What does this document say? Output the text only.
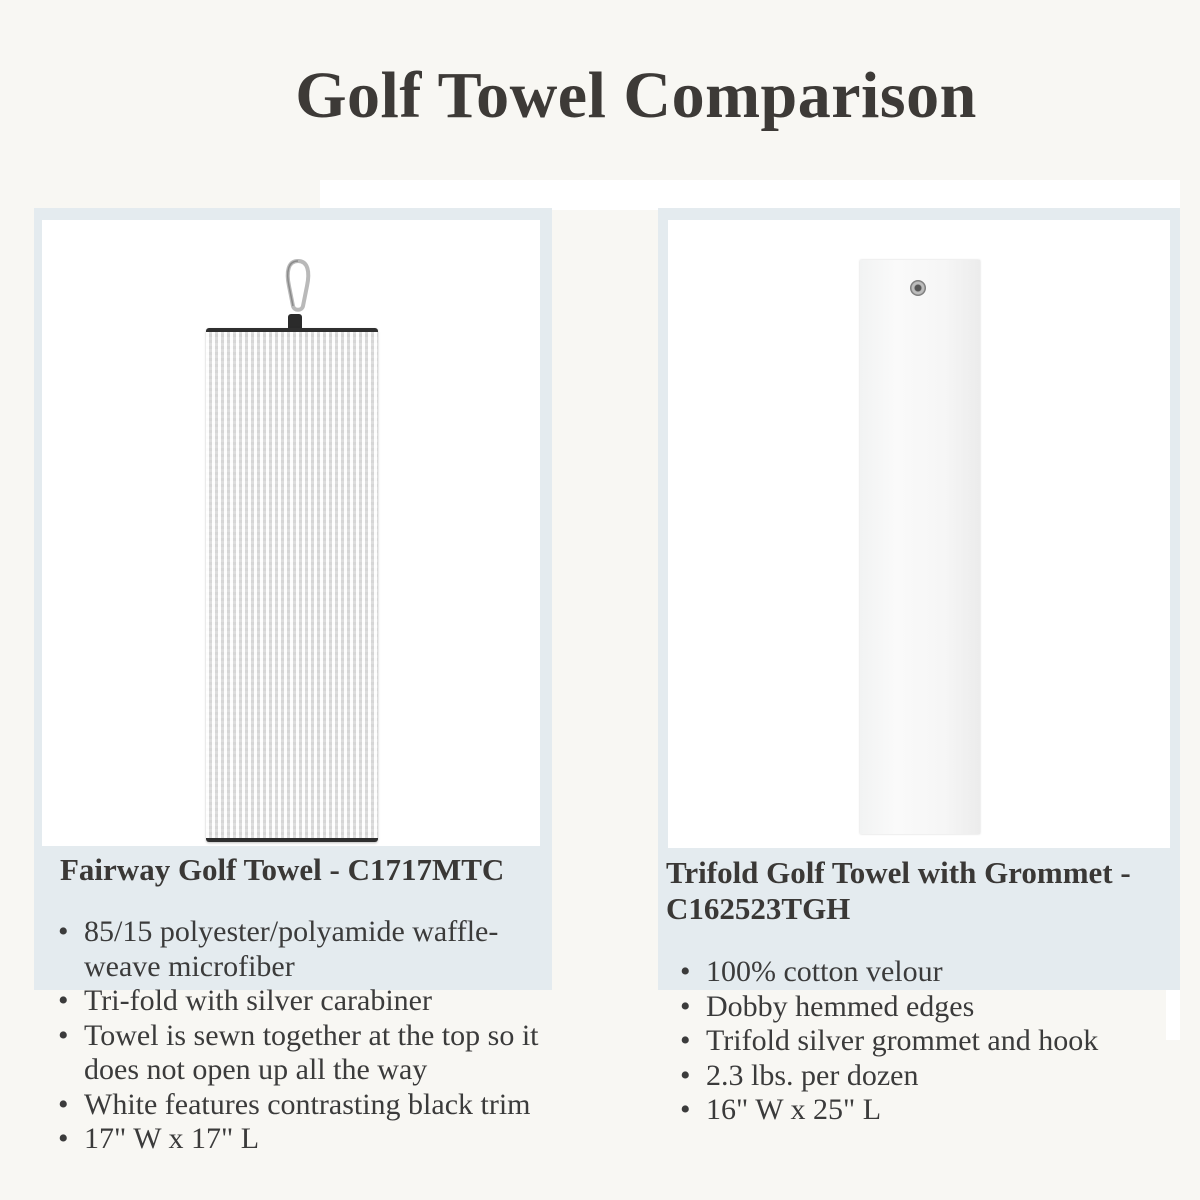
Golf Towel Comparison
Fairway Golf Towel - C1717MTC	Trifold Golf Towel with Grommet - C162523TGH
• 85/15 polyester/polyamide waffle-weave microfiber
• Tri-fold with silver carabiner
• Towel is sewn together at the top so it does not open up all the way
• White features contrasting black trim
• 17" W x 17" L
• 100% cotton velour
• Dobby hemmed edges
• Trifold silver grommet and hook
• 2.3 lbs. per dozen
• 16" W x 25" L
